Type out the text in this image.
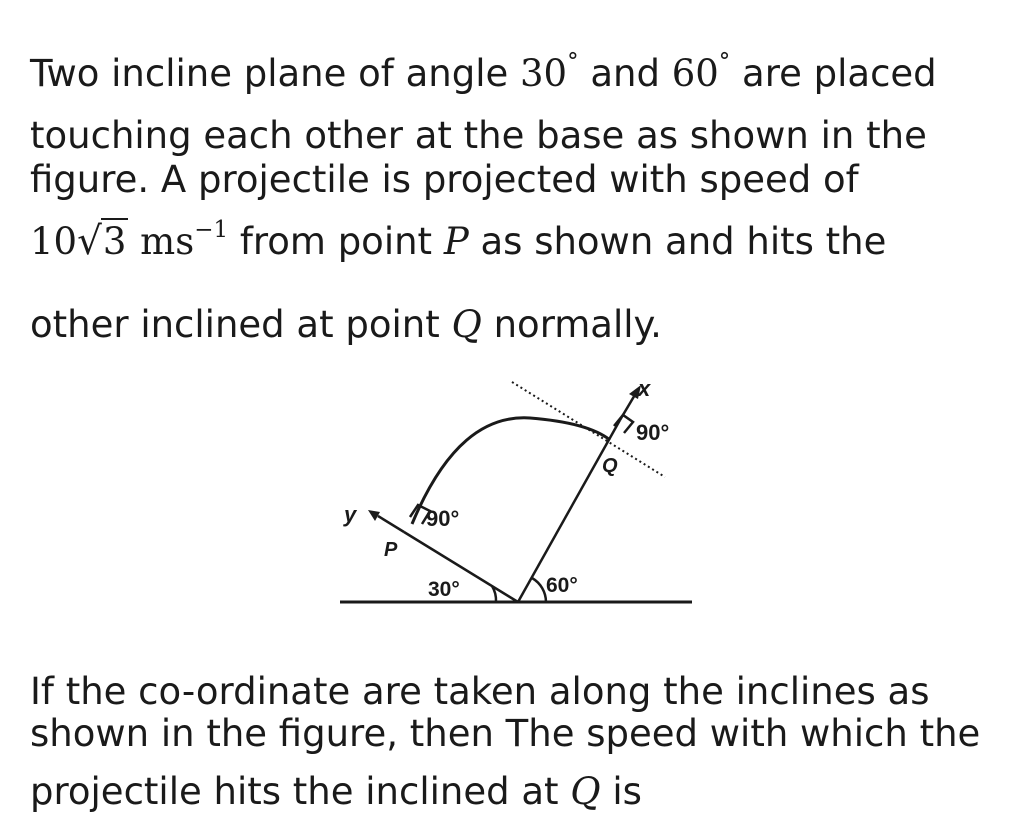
Two incline plane of angle 30° and 60° are placed
touching each other at the base as shown in the
figure. A projectile is projected with speed of
10√3 $ms^{-1}$ from point P as shown and hits the
other inclined at point Q normally.
x
y
P
Q
90°
90°
30°	60°
If the co-ordinate are taken along the inclines as
shown in the figure, then The speed with which the
projectile hits the inclined at Q is
